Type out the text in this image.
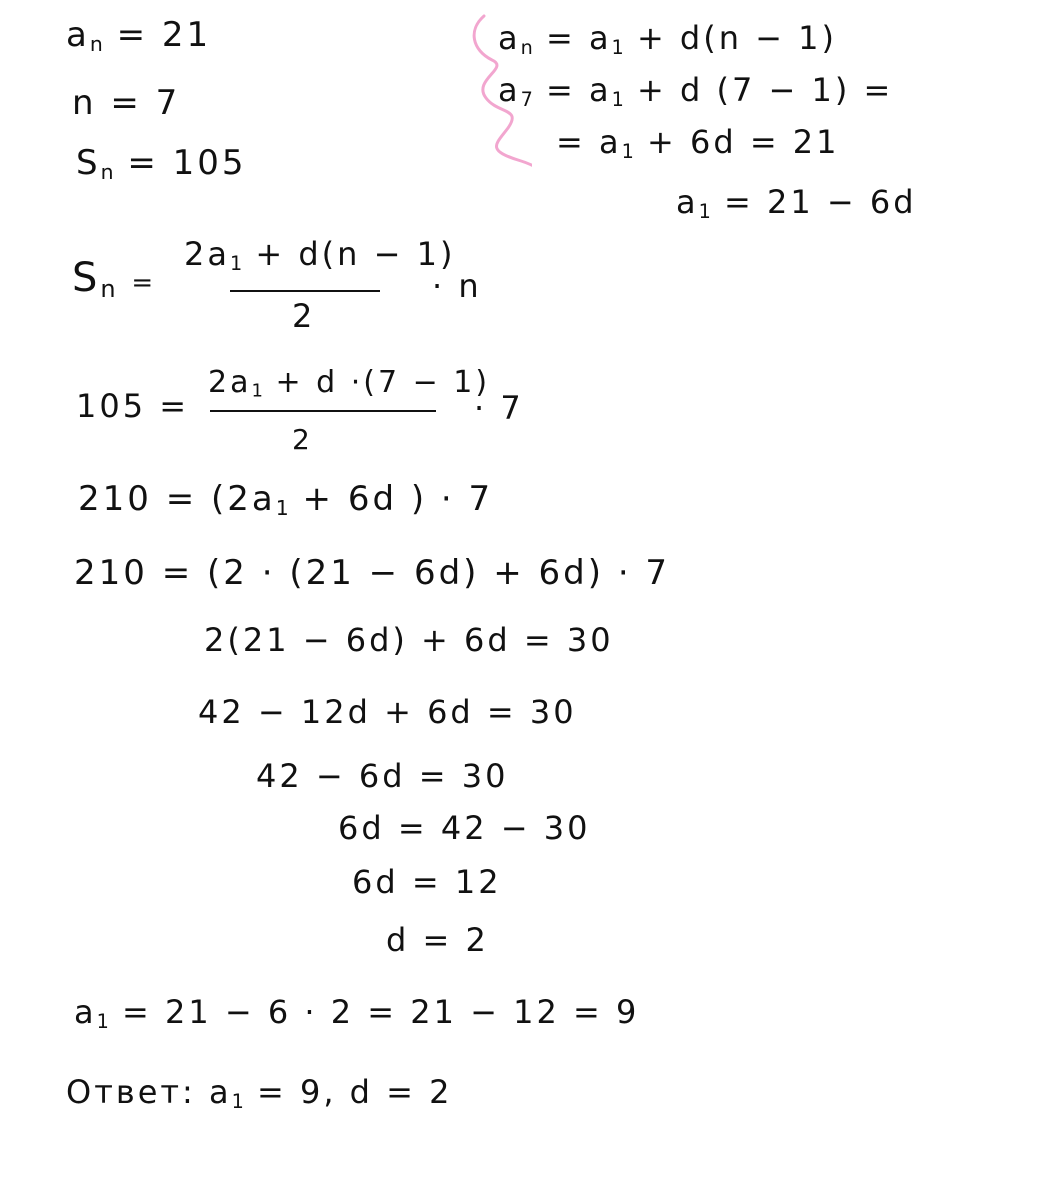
$a_n = 21$
n = 7
$S_n = 105$
$a_n = a_1 + d(n - 1)$
$a_7 = a_1 + d$ (7 − 1) =
= $a_1 + 6d = 21$
$a_1 = 21 - 6d$
$S_n$ =
$2a_1 + d(n - 1)$
2
· n
105 =
$2a_1 + d \cdot(7 - 1)$
2
· 7
$210 = (2a_1 + 6d$ ) · 7
210 = (2 · (21 − 6d) + 6d) · 7
2(21 − 6d) + 6d = 30
42 − 12d + 6d = 30
42 − 6d = 30
6d = 42 − 30
6d = 12
d = 2
$a_1 = 21 - 6 \cdot 2 = 21 - 12 = 9$
Ответ: $a_1 = 9$, d = 2
